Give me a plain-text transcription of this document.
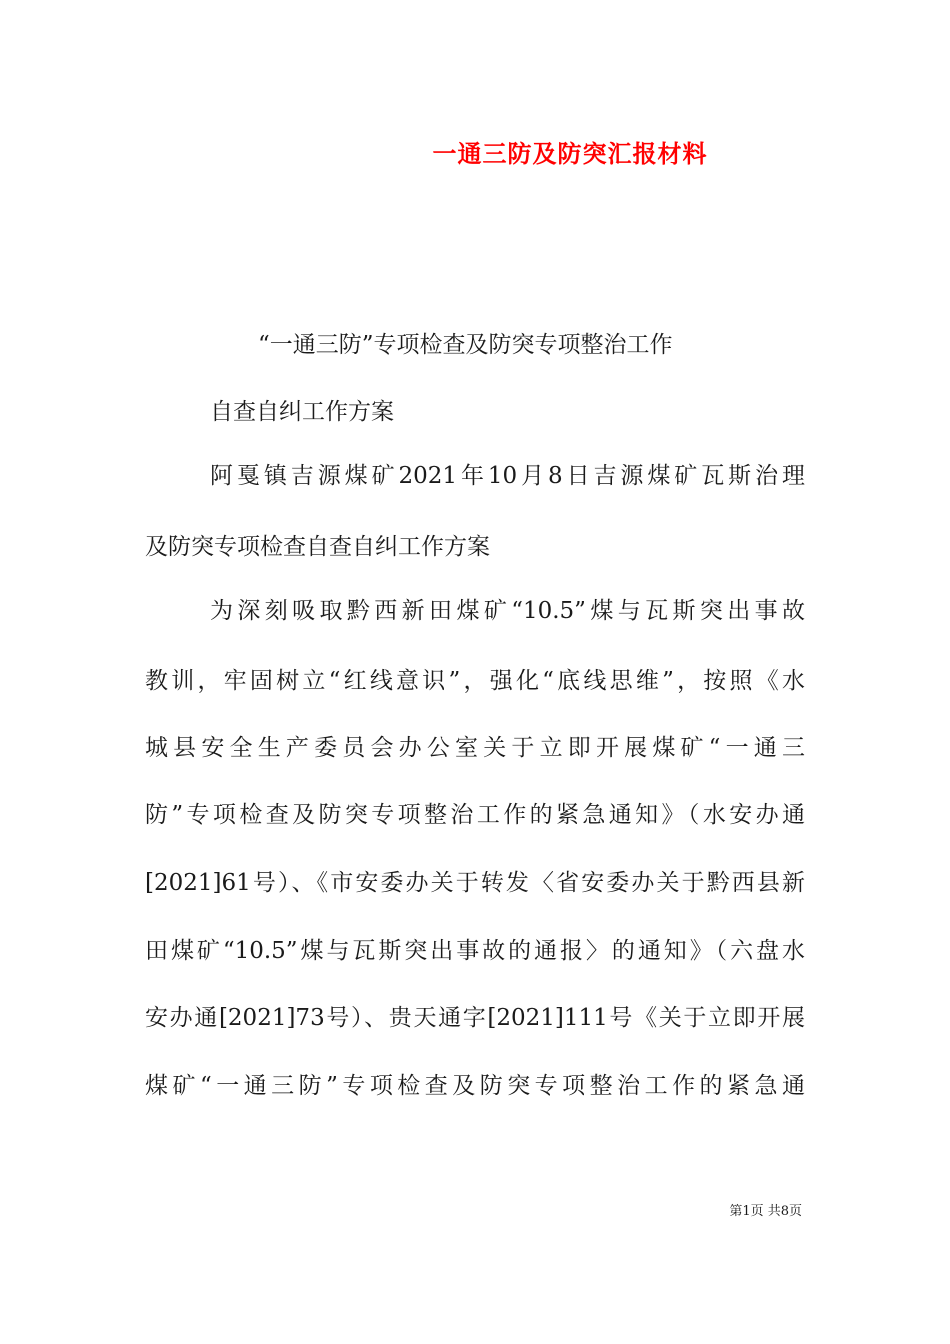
一通三防及防突汇报材料
“一通三防”专项检查及防突专项整治工作
自查自纠工作方案
阿戛镇吉源煤矿2021年10月8日吉源煤矿瓦斯治理
及防突专项检查自查自纠工作方案
为深刻吸取黔西新田煤矿“10.5”煤与瓦斯突出事故
教训，牢固树立“红线意识”，强化“底线思维”，按照《水
城县安全生产委员会办公室关于立即开展煤矿“一通三
防”专项检查及防突专项整治工作的紧急通知》（水安办通
[2021]61号）、《市安委办关于转发〈省安委办关于黔西县新
田煤矿“10.5”煤与瓦斯突出事故的通报〉的通知》（六盘水
安办通[2021]73号）、贵天通字[2021]111号《关于立即开展
煤矿“一通三防”专项检查及防突专项整治工作的紧急通
第1页 共8页
